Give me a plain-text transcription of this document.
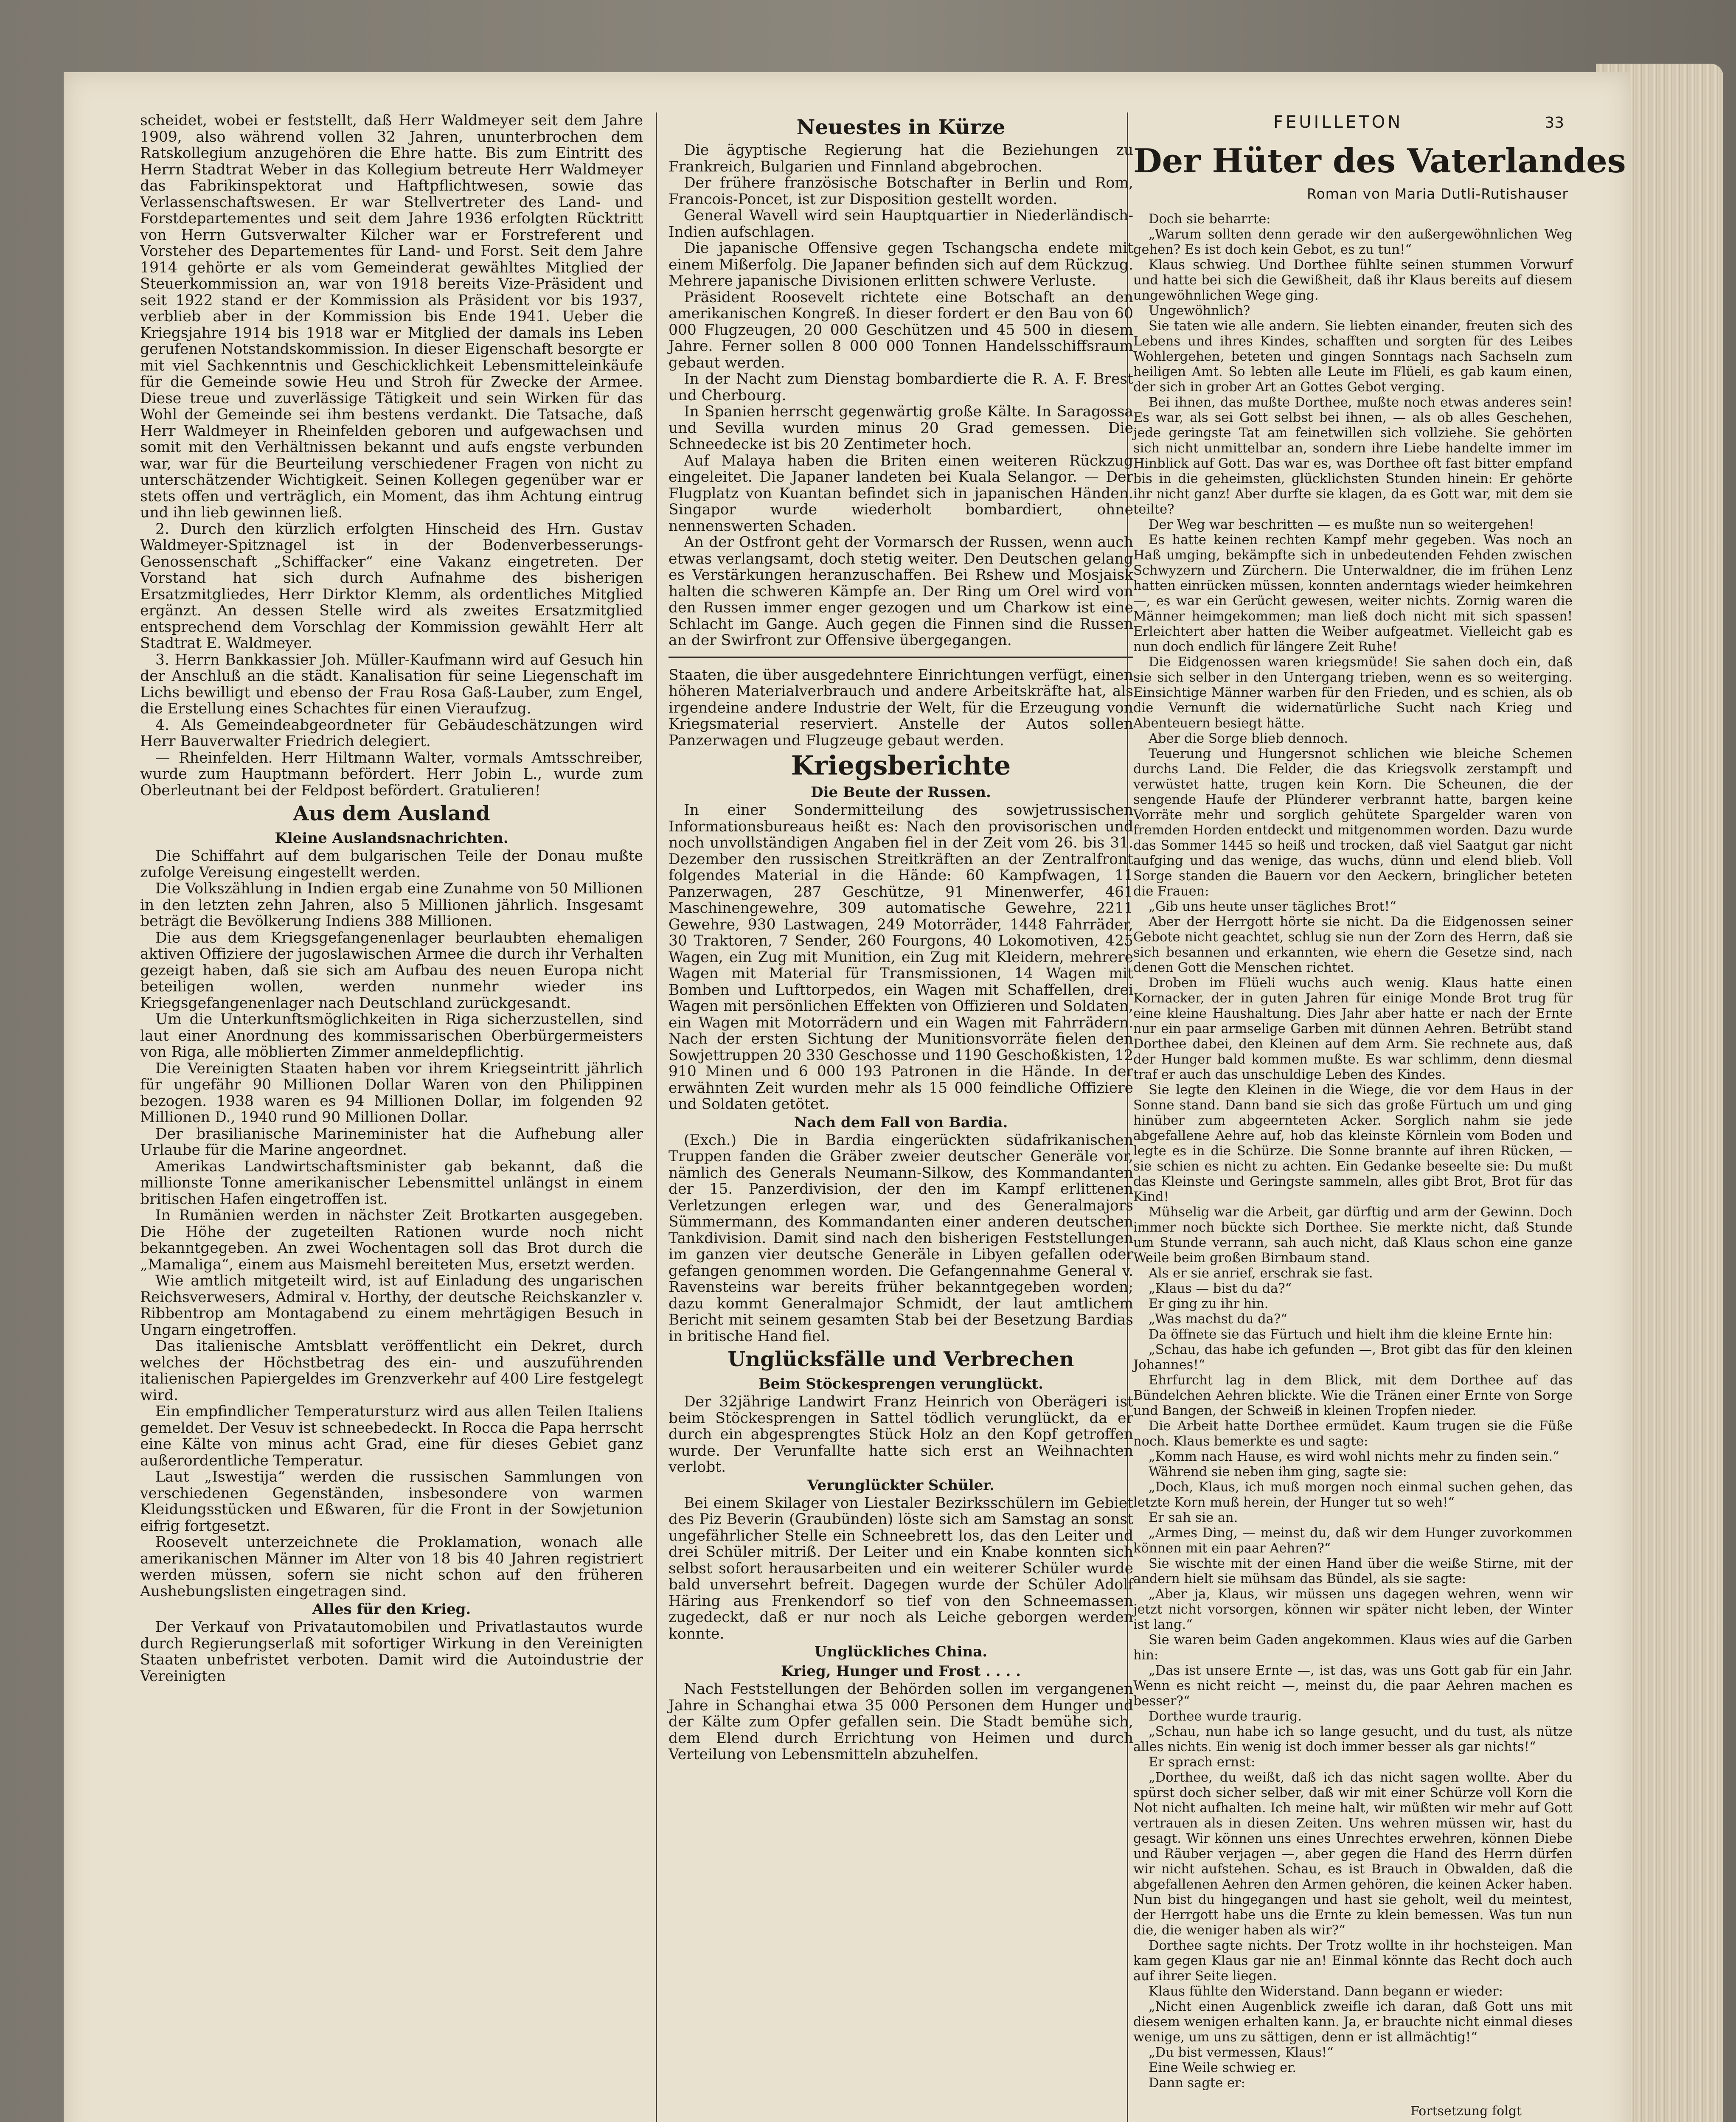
scheidet, wobei er feststellt, daß Herr Waldmeyer seit dem Jahre 1909, also während vollen 32 Jahren, ununterbrochen dem Ratskollegium anzugehören die Ehre hatte. Bis zum Eintritt des Herrn Stadtrat Weber in das Kollegium betreute Herr Waldmeyer das Fabrikinspektorat und Haftpflichtwesen, sowie das Verlassenschaftswesen. Er war Stellvertreter des Land- und Forstdepartementes und seit dem Jahre 1936 erfolgten Rücktritt von Herrn Gutsverwalter Kilcher war er Forstreferent und Vorsteher des Departementes für Land- und Forst. Seit dem Jahre 1914 gehörte er als vom Gemeinderat gewähltes Mitglied der Steuerkommission an, war von 1918 bereits Vize-Präsident und seit 1922 stand er der Kommission als Präsident vor bis 1937, verblieb aber in der Kommission bis Ende 1941. Ueber die Kriegsjahre 1914 bis 1918 war er Mitglied der damals ins Leben gerufenen Notstandskommission. In dieser Eigenschaft besorgte er mit viel Sachkenntnis und Geschicklichkeit Lebensmitteleinkäufe für die Gemeinde sowie Heu und Stroh für Zwecke der Armee. Diese treue und zuverlässige Tätigkeit und sein Wirken für das Wohl der Gemeinde sei ihm bestens verdankt. Die Tatsache, daß Herr Waldmeyer in Rheinfelden geboren und aufgewachsen und somit mit den Verhältnissen bekannt und aufs engste verbunden war, war für die Beurteilung verschiedener Fragen von nicht zu unterschätzender Wichtigkeit. Seinen Kollegen gegenüber war er stets offen und verträglich, ein Moment, das ihm Achtung eintrug und ihn lieb gewinnen ließ.

2. Durch den kürzlich erfolgten Hinscheid des Hrn. Gustav Waldmeyer-Spitznagel ist in der Bodenverbesserungs-Genossenschaft „Schiffacker“ eine Vakanz eingetreten. Der Vorstand hat sich durch Aufnahme des bisherigen Ersatzmitgliedes, Herr Dirktor Klemm, als ordentliches Mitglied ergänzt. An dessen Stelle wird als zweites Ersatzmitglied entsprechend dem Vorschlag der Kommission gewählt Herr alt Stadtrat E. Waldmeyer.

3. Herrn Bankkassier Joh. Müller-Kaufmann wird auf Gesuch hin der Anschluß an die städt. Kanalisation für seine Liegenschaft im Lichs bewilligt und ebenso der Frau Rosa Gaß-Lauber, zum Engel, die Erstellung eines Schachtes für einen Vieraufzug.

4. Als Gemeindeabgeordneter für Gebäudeschätzungen wird Herr Bauverwalter Friedrich delegiert.

— Rheinfelden. Herr Hiltmann Walter, vormals Amtsschreiber, wurde zum Hauptmann befördert. Herr Jobin L., wurde zum Oberleutnant bei der Feldpost befördert. Gratulieren!

Aus dem Ausland

Kleine Auslandsnachrichten.

Die Schiffahrt auf dem bulgarischen Teile der Donau mußte zufolge Vereisung eingestellt werden.

Die Volkszählung in Indien ergab eine Zunahme von 50 Millionen in den letzten zehn Jahren, also 5 Millionen jährlich. Insgesamt beträgt die Bevölkerung Indiens 388 Millionen.

Die aus dem Kriegsgefangenenlager beurlaubten ehemaligen aktiven Offiziere der jugoslawischen Armee die durch ihr Verhalten gezeigt haben, daß sie sich am Aufbau des neuen Europa nicht beteiligen wollen, werden nunmehr wieder ins Kriegsgefangenenlager nach Deutschland zurückgesandt.

Um die Unterkunftsmöglichkeiten in Riga sicherzustellen, sind laut einer Anordnung des kommissarischen Oberbürgermeisters von Riga, alle möblierten Zimmer anmeldepflichtig.

Die Vereinigten Staaten haben vor ihrem Kriegseintritt jährlich für ungefähr 90 Millionen Dollar Waren von den Philippinen bezogen. 1938 waren es 94 Millionen Dollar, im folgenden 92 Millionen D., 1940 rund 90 Millionen Dollar.

Der brasilianische Marineminister hat die Aufhebung aller Urlaube für die Marine angeordnet.

Amerikas Landwirtschaftsminister gab bekannt, daß die millionste Tonne amerikanischer Lebensmittel unlängst in einem britischen Hafen eingetroffen ist.

In Rumänien werden in nächster Zeit Brotkarten ausgegeben. Die Höhe der zugeteilten Rationen wurde noch nicht bekanntgegeben. An zwei Wochentagen soll das Brot durch die „Mamaliga“, einem aus Maismehl bereiteten Mus, ersetzt werden.

Wie amtlich mitgeteilt wird, ist auf Einladung des ungarischen Reichsverwesers, Admiral v. Horthy, der deutsche Reichskanzler v. Ribbentrop am Montagabend zu einem mehrtägigen Besuch in Ungarn eingetroffen.

Das italienische Amtsblatt veröffentlicht ein Dekret, durch welches der Höchstbetrag des ein- und auszuführenden italienischen Papiergeldes im Grenzverkehr auf 400 Lire festgelegt wird.

Ein empfindlicher Temperatursturz wird aus allen Teilen Italiens gemeldet. Der Vesuv ist schneebedeckt. In Rocca die Papa herrscht eine Kälte von minus acht Grad, eine für dieses Gebiet ganz außerordentliche Temperatur.

Laut „Iswestija“ werden die russischen Sammlungen von verschiedenen Gegenständen, insbesondere von warmen Kleidungsstücken und Eßwaren, für die Front in der Sowjetunion eifrig fortgesetzt.

Roosevelt unterzeichnete die Proklamation, wonach alle amerikanischen Männer im Alter von 18 bis 40 Jahren registriert werden müssen, sofern sie nicht schon auf den früheren Aushebungslisten eingetragen sind.

Alles für den Krieg.

Der Verkauf von Privatautomobilen und Privatlastautos wurde durch Regierungserlaß mit sofortiger Wirkung in den Vereinigten Staaten unbefristet verboten. Damit wird die Autoindustrie der Vereinigten

Neuestes in Kürze

Die ägyptische Regierung hat die Beziehungen zu Frankreich, Bulgarien und Finnland abgebrochen.

Der frühere französische Botschafter in Berlin und Rom, Francois-Poncet, ist zur Disposition gestellt worden.

General Wavell wird sein Hauptquartier in Niederländisch-Indien aufschlagen.

Die japanische Offensive gegen Tschangscha endete mit einem Mißerfolg. Die Japaner befinden sich auf dem Rückzug. Mehrere japanische Divisionen erlitten schwere Verluste.

Präsident Roosevelt richtete eine Botschaft an den amerikanischen Kongreß. In dieser fordert er den Bau von 60 000 Flugzeugen, 20 000 Geschützen und 45 500 in diesem Jahre. Ferner sollen 8 000 000 Tonnen Handelsschiffsraum gebaut werden.

In der Nacht zum Dienstag bombardierte die R. A. F. Brest und Cherbourg.

In Spanien herrscht gegenwärtig große Kälte. In Saragossa und Sevilla wurden minus 20 Grad gemessen. Die Schneedecke ist bis 20 Zentimeter hoch.

Auf Malaya haben die Briten einen weiteren Rückzug eingeleitet. Die Japaner landeten bei Kuala Selangor. — Der Flugplatz von Kuantan befindet sich in japanischen Händen. Singapor wurde wiederholt bombardiert, ohne nennenswerten Schaden.

An der Ostfront geht der Vormarsch der Russen, wenn auch etwas verlangsamt, doch stetig weiter. Den Deutschen gelang es Verstärkungen heranzuschaffen. Bei Rshew und Mosjaisk halten die schweren Kämpfe an. Der Ring um Orel wird von den Russen immer enger gezogen und um Charkow ist eine Schlacht im Gange. Auch gegen die Finnen sind die Russen an der Swirfront zur Offensive übergegangen.

Staaten, die über ausgedehntere Einrichtungen verfügt, einen höheren Materialverbrauch und andere Arbeitskräfte hat, als irgendeine andere Industrie der Welt, für die Erzeugung von Kriegsmaterial reserviert. Anstelle der Autos sollen Panzerwagen und Flugzeuge gebaut werden.

Kriegsberichte

Die Beute der Russen.

In einer Sondermitteilung des sowjetrussischen Informationsbureaus heißt es: Nach den provisorischen und noch unvollständigen Angaben fiel in der Zeit vom 26. bis 31. Dezember den russischen Streitkräften an der Zentralfront folgendes Material in die Hände: 60 Kampfwagen, 11 Panzerwagen, 287 Geschütze, 91 Minenwerfer, 461 Maschinengewehre, 309 automatische Gewehre, 2211 Gewehre, 930 Lastwagen, 249 Motorräder, 1448 Fahrräder, 30 Traktoren, 7 Sender, 260 Fourgons, 40 Lokomotiven, 425 Wagen, ein Zug mit Munition, ein Zug mit Kleidern, mehrere Wagen mit Material für Transmissionen, 14 Wagen mit Bomben und Lufttorpedos, ein Wagen mit Schaffellen, drei Wagen mit persönlichen Effekten von Offizieren und Soldaten, ein Wagen mit Motorrädern und ein Wagen mit Fahrrädern. Nach der ersten Sichtung der Munitionsvorräte fielen den Sowjettruppen 20 330 Geschosse und 1190 Geschoßkisten, 12 910 Minen und 6 000 193 Patronen in die Hände. In der erwähnten Zeit wurden mehr als 15 000 feindliche Offiziere und Soldaten getötet.

Nach dem Fall von Bardia.

(Exch.) Die in Bardia eingerückten südafrikanischen Truppen fanden die Gräber zweier deutscher Generäle vor, nämlich des Generals Neumann-Silkow, des Kommandanten der 15. Panzerdivision, der den im Kampf erlittenen Verletzungen erlegen war, und des Generalmajors Sümmermann, des Kommandanten einer anderen deutschen Tankdivision. Damit sind nach den bisherigen Feststellungen im ganzen vier deutsche Generäle in Libyen gefallen oder gefangen genommen worden. Die Gefangennahme General v. Ravensteins war bereits früher bekanntgegeben worden; dazu kommt Generalmajor Schmidt, der laut amtlichem Bericht mit seinem gesamten Stab bei der Besetzung Bardias in britische Hand fiel.

Unglücksfälle und Verbrechen

Beim Stöckesprengen verunglückt.

Der 32jährige Landwirt Franz Heinrich von Oberägeri ist beim Stöckesprengen in Sattel tödlich verunglückt, da er durch ein abgesprengtes Stück Holz an den Kopf getroffen wurde. Der Verunfallte hatte sich erst an Weihnachten verlobt.

Verunglückter Schüler.

Bei einem Skilager von Liestaler Bezirksschülern im Gebiet des Piz Beverin (Graubünden) löste sich am Samstag an sonst ungefährlicher Stelle ein Schneebrett los, das den Leiter und drei Schüler mitriß. Der Leiter und ein Knabe konnten sich selbst sofort herausarbeiten und ein weiterer Schüler wurde bald unversehrt befreit. Dagegen wurde der Schüler Adolf Häring aus Frenkendorf so tief von den Schneemassen zugedeckt, daß er nur noch als Leiche geborgen werden konnte.

Unglückliches China.

Krieg, Hunger und Frost . . . .

Nach Feststellungen der Behörden sollen im vergangenen Jahre in Schanghai etwa 35 000 Personen dem Hunger und der Kälte zum Opfer gefallen sein. Die Stadt bemühe sich, dem Elend durch Errichtung von Heimen und durch Verteilung von Lebensmitteln abzuhelfen.

FEUILLETON	33
Der Hüter des Vaterlandes

Roman von Maria Dutli-Rutishauser

Doch sie beharrte:

„Warum sollten denn gerade wir den außergewöhnlichen Weg gehen? Es ist doch kein Gebot, es zu tun!“

Klaus schwieg. Und Dorthee fühlte seinen stummen Vorwurf und hatte bei sich die Gewißheit, daß ihr Klaus bereits auf diesem ungewöhnlichen Wege ging.

Ungewöhnlich?

Sie taten wie alle andern. Sie liebten einander, freuten sich des Lebens und ihres Kindes, schafften und sorgten für des Leibes Wohlergehen, beteten und gingen Sonntags nach Sachseln zum heiligen Amt. So lebten alle Leute im Flüeli, es gab kaum einen, der sich in grober Art an Gottes Gebot verging.

Bei ihnen, das mußte Dorthee, mußte noch etwas anderes sein! Es war, als sei Gott selbst bei ihnen, — als ob alles Geschehen, jede geringste Tat am feinetwillen sich vollziehe. Sie gehörten sich nicht unmittelbar an, sondern ihre Liebe handelte immer im Hinblick auf Gott. Das war es, was Dorthee oft fast bitter empfand bis in die geheimsten, glücklichsten Stunden hinein: Er gehörte ihr nicht ganz! Aber durfte sie klagen, da es Gott war, mit dem sie teilte?

Der Weg war beschritten — es mußte nun so weitergehen!

Es hatte keinen rechten Kampf mehr gegeben. Was noch an Haß umging, bekämpfte sich in unbedeutenden Fehden zwischen Schwyzern und Zürchern. Die Unterwaldner, die im frühen Lenz hatten einrücken müssen, konnten anderntags wieder heimkehren —, es war ein Gerücht gewesen, weiter nichts. Zornig waren die Männer heimgekommen; man ließ doch nicht mit sich spassen! Erleichtert aber hatten die Weiber aufgeatmet. Vielleicht gab es nun doch endlich für längere Zeit Ruhe!

Die Eidgenossen waren kriegsmüde! Sie sahen doch ein, daß sie sich selber in den Untergang trieben, wenn es so weiterging. Einsichtige Männer warben für den Frieden, und es schien, als ob die Vernunft die widernatürliche Sucht nach Krieg und Abenteuern besiegt hätte.

Aber die Sorge blieb dennoch.

Teuerung und Hungersnot schlichen wie bleiche Schemen durchs Land. Die Felder, die das Kriegsvolk zerstampft und verwüstet hatte, trugen kein Korn. Die Scheunen, die der sengende Haufe der Plünderer verbrannt hatte, bargen keine Vorräte mehr und sorglich gehütete Spargelder waren von fremden Horden entdeckt und mitgenommen worden. Dazu wurde das Sommer 1445 so heiß und trocken, daß viel Saatgut gar nicht aufging und das wenige, das wuchs, dünn und elend blieb. Voll Sorge standen die Bauern vor den Aeckern, bringlicher beteten die Frauen:

„Gib uns heute unser tägliches Brot!“

Aber der Herrgott hörte sie nicht. Da die Eidgenossen seiner Gebote nicht geachtet, schlug sie nun der Zorn des Herrn, daß sie sich besannen und erkannten, wie ehern die Gesetze sind, nach denen Gott die Menschen richtet.

Droben im Flüeli wuchs auch wenig. Klaus hatte einen Kornacker, der in guten Jahren für einige Monde Brot trug für eine kleine Haushaltung. Dies Jahr aber hatte er nach der Ernte nur ein paar armselige Garben mit dünnen Aehren. Betrübt stand Dorthee dabei, den Kleinen auf dem Arm. Sie rechnete aus, daß der Hunger bald kommen mußte. Es war schlimm, denn diesmal traf er auch das unschuldige Leben des Kindes.

Sie legte den Kleinen in die Wiege, die vor dem Haus in der Sonne stand. Dann band sie sich das große Fürtuch um und ging hinüber zum abgeernteten Acker. Sorglich nahm sie jede abgefallene Aehre auf, hob das kleinste Körnlein vom Boden und legte es in die Schürze. Die Sonne brannte auf ihren Rücken, — sie schien es nicht zu achten. Ein Gedanke beseelte sie: Du mußt das Kleinste und Geringste sammeln, alles gibt Brot, Brot für das Kind!

Mühselig war die Arbeit, gar dürftig und arm der Gewinn. Doch immer noch bückte sich Dorthee. Sie merkte nicht, daß Stunde um Stunde verrann, sah auch nicht, daß Klaus schon eine ganze Weile beim großen Birnbaum stand.

Als er sie anrief, erschrak sie fast.

„Klaus — bist du da?“

Er ging zu ihr hin.

„Was machst du da?“

Da öffnete sie das Fürtuch und hielt ihm die kleine Ernte hin:

„Schau, das habe ich gefunden —, Brot gibt das für den kleinen Johannes!“

Ehrfurcht lag in dem Blick, mit dem Dorthee auf das Bündelchen Aehren blickte. Wie die Tränen einer Ernte von Sorge und Bangen, der Schweiß in kleinen Tropfen nieder.

Die Arbeit hatte Dorthee ermüdet. Kaum trugen sie die Füße noch. Klaus bemerkte es und sagte:

„Komm nach Hause, es wird wohl nichts mehr zu finden sein.“

Während sie neben ihm ging, sagte sie:

„Doch, Klaus, ich muß morgen noch einmal suchen gehen, das letzte Korn muß herein, der Hunger tut so weh!“

Er sah sie an.

„Armes Ding, — meinst du, daß wir dem Hunger zuvorkommen können mit ein paar Aehren?“

Sie wischte mit der einen Hand über die weiße Stirne, mit der andern hielt sie mühsam das Bündel, als sie sagte:

„Aber ja, Klaus, wir müssen uns dagegen wehren, wenn wir jetzt nicht vorsorgen, können wir später nicht leben, der Winter ist lang.“

Sie waren beim Gaden angekommen. Klaus wies auf die Garben hin:

„Das ist unsere Ernte —, ist das, was uns Gott gab für ein Jahr. Wenn es nicht reicht —, meinst du, die paar Aehren machen es besser?“

Dorthee wurde traurig.

„Schau, nun habe ich so lange gesucht, und du tust, als nütze alles nichts. Ein wenig ist doch immer besser als gar nichts!“

Er sprach ernst:

„Dorthee, du weißt, daß ich das nicht sagen wollte. Aber du spürst doch sicher selber, daß wir mit einer Schürze voll Korn die Not nicht aufhalten. Ich meine halt, wir müßten wir mehr auf Gott vertrauen als in diesen Zeiten. Uns wehren müssen wir, hast du gesagt. Wir können uns eines Unrechtes erwehren, können Diebe und Räuber verjagen —, aber gegen die Hand des Herrn dürfen wir nicht aufstehen. Schau, es ist Brauch in Obwalden, daß die abgefallenen Aehren den Armen gehören, die keinen Acker haben. Nun bist du hingegangen und hast sie geholt, weil du meintest, der Herrgott habe uns die Ernte zu klein bemessen. Was tun nun die, die weniger haben als wir?“

Dorthee sagte nichts. Der Trotz wollte in ihr hochsteigen. Man kam gegen Klaus gar nie an! Einmal könnte das Recht doch auch auf ihrer Seite liegen.

Klaus fühlte den Widerstand. Dann begann er wieder:

„Nicht einen Augenblick zweifle ich daran, daß Gott uns mit diesem wenigen erhalten kann. Ja, er brauchte nicht einmal dieses wenige, um uns zu sättigen, denn er ist allmächtig!“

„Du bist vermessen, Klaus!“

Eine Weile schwieg er.

Dann sagte er:

Fortsetzung folgt
